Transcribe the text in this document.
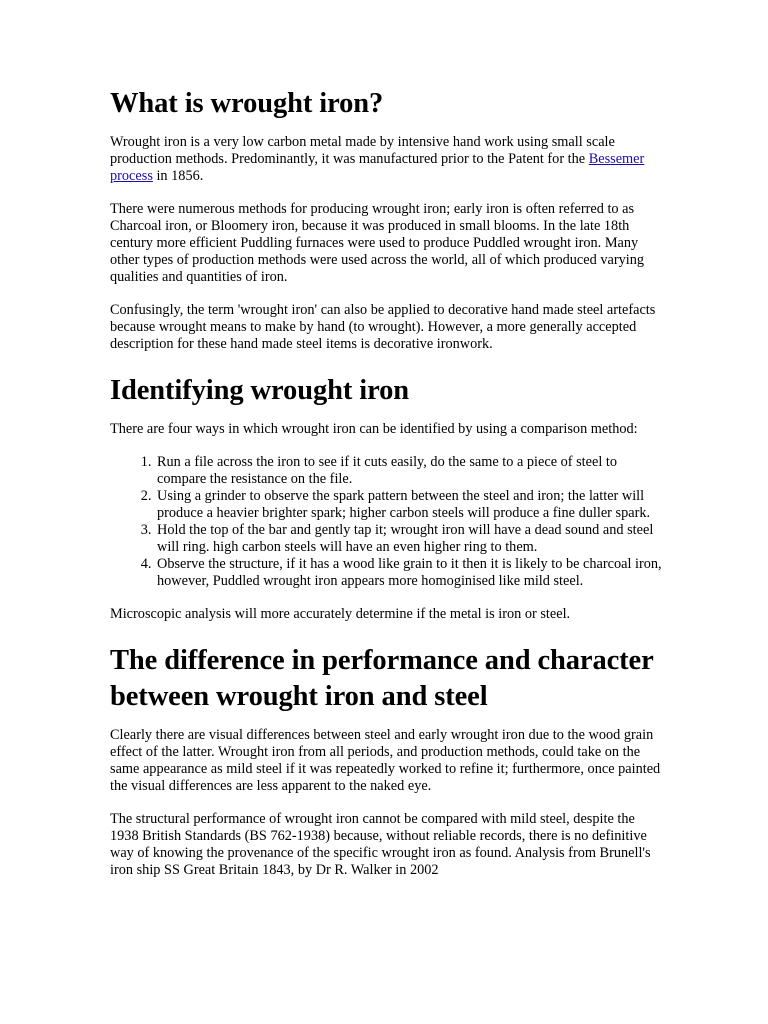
What is wrought iron?

Wrought iron is a very low carbon metal made by intensive hand work using small scale production methods. Predominantly, it was manufactured prior to the Patent for the Bessemer process in 1856.

There were numerous methods for producing wrought iron; early iron is often referred to as Charcoal iron, or Bloomery iron, because it was produced in small blooms. In the late 18th century more efficient Puddling furnaces were used to produce Puddled wrought iron. Many other types of production methods were used across the world, all of which produced varying qualities and quantities of iron.

Confusingly, the term 'wrought iron' can also be applied to decorative hand made steel artefacts because wrought means to make by hand (to wrought). However, a more generally accepted description for these hand made steel items is decorative ironwork.

Identifying wrought iron

There are four ways in which wrought iron can be identified by using a comparison method:

1. Run a file across the iron to see if it cuts easily, do the same to a piece of steel to compare the resistance on the file.
2. Using a grinder to observe the spark pattern between the steel and iron; the latter will produce a heavier brighter spark; higher carbon steels will produce a fine duller spark.
3. Hold the top of the bar and gently tap it; wrought iron will have a dead sound and steel will ring. high carbon steels will have an even higher ring to them.
4. Observe the structure, if it has a wood like grain to it then it is likely to be charcoal iron, however, Puddled wrought iron appears more homoginised like mild steel.

Microscopic analysis will more accurately determine if the metal is iron or steel.

The difference in performance and character between wrought iron and steel

Clearly there are visual differences between steel and early wrought iron due to the wood grain effect of the latter. Wrought iron from all periods, and production methods, could take on the same appearance as mild steel if it was repeatedly worked to refine it; furthermore, once painted the visual differences are less apparent to the naked eye.

The structural performance of wrought iron cannot be compared with mild steel, despite the 1938 British Standards (BS 762-1938) because, without reliable records, there is no definitive way of knowing the provenance of the specific wrought iron as found. Analysis from Brunell's iron ship SS Great Britain 1843, by Dr R. Walker in 2002
